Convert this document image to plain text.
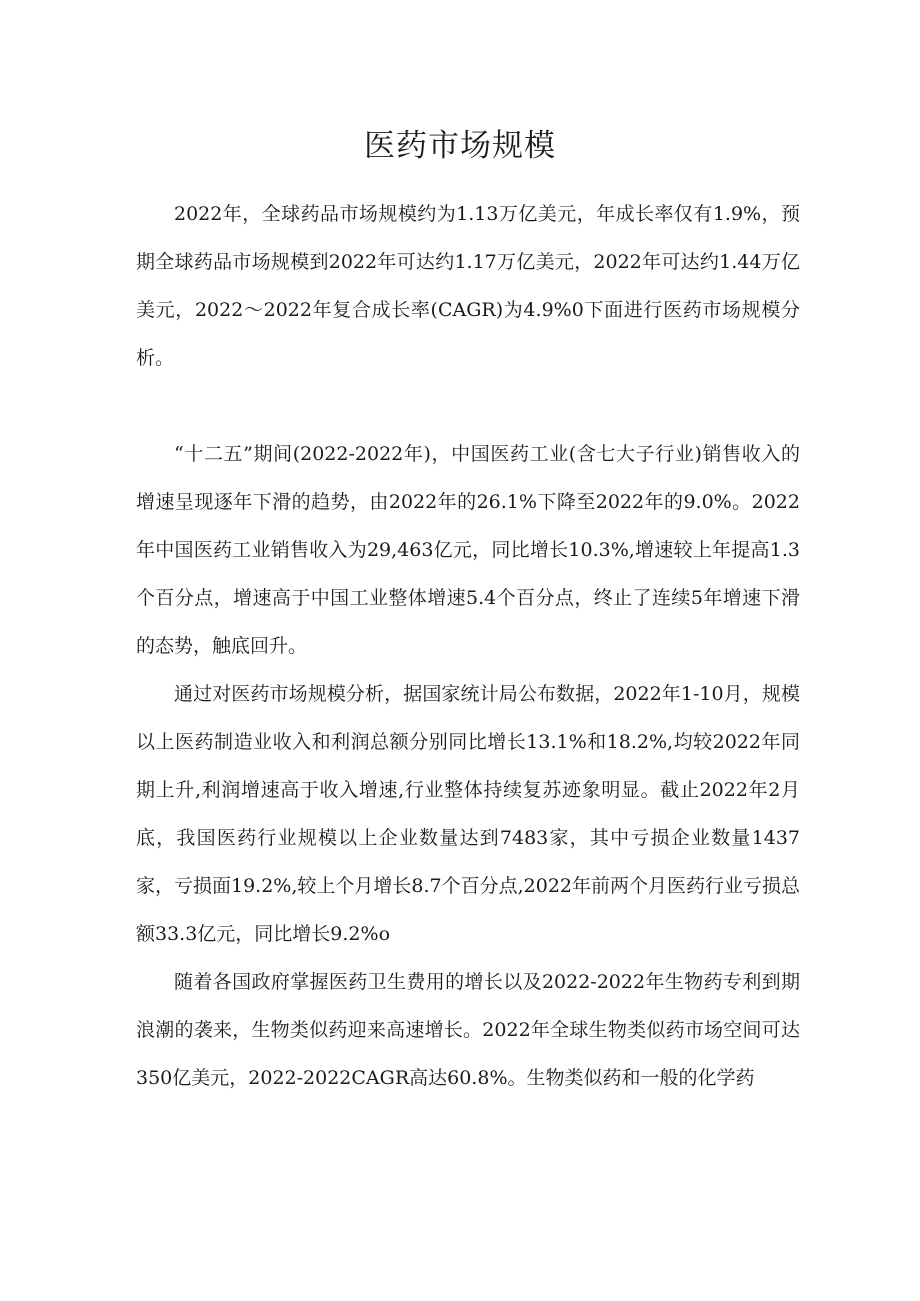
医药市场规模

2022年，全球药品市场规模约为1.13万亿美元，年成长率仅有1.9%，预期全球药品市场规模到2022年可达约1.17万亿美元，2022年可达约1.44万亿美元，2022～2022年复合成长率(CAGR)为4.9%0下面进行医药市场规模分析。

“十二五”期间(2022-2022年)，中国医药工业(含七大子行业)销售收入的增速呈现逐年下滑的趋势，由2022年的26.1%下降至2022年的9.0%。2022年中国医药工业销售收入为29,463亿元，同比增长10.3%,增速较上年提高1.3个百分点，增速高于中国工业整体增速5.4个百分点，终止了连续5年增速下滑的态势，触底回升。

通过对医药市场规模分析，据国家统计局公布数据，2022年1-10月，规模以上医药制造业收入和利润总额分别同比增长13.1%和18.2%,均较2022年同期上升,利润增速高于收入增速,行业整体持续复苏迹象明显。截止2022年2月底，我国医药行业规模以上企业数量达到7483家，其中亏损企业数量1437家，亏损面19.2%,较上个月增长8.7个百分点,2022年前两个月医药行业亏损总额33.3亿元，同比增长9.2%o

随着各国政府掌握医药卫生费用的增长以及2022-2022年生物药专利到期浪潮的袭来，生物类似药迎来高速增长。2022年全球生物类似药市场空间可达350亿美元，2022-2022CAGR高达60.8%。生物类似药和一般的化学药
